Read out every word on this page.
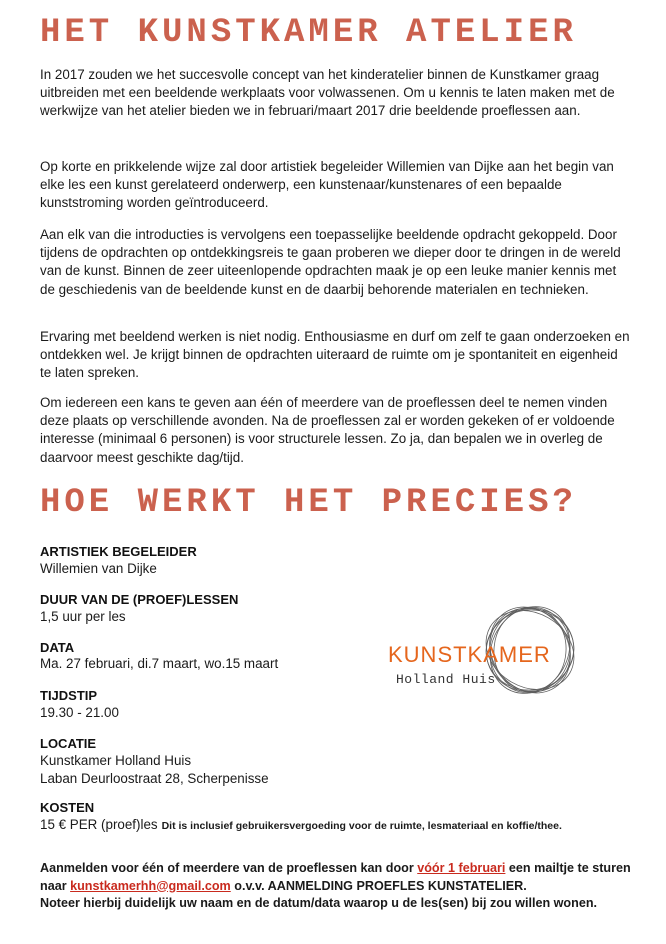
HET KUNSTKAMER ATELIER

In 2017 zouden we het succesvolle concept van het kinderatelier binnen de Kunstkamer graag uitbreiden met een beeldende werkplaats voor volwassenen. Om u kennis te laten maken met de werkwijze van het atelier bieden we in februari/maart 2017 drie beeldende proeflessen aan.

Op korte en prikkelende wijze zal door artistiek begeleider Willemien van Dijke aan het begin van elke les een kunst gerelateerd onderwerp, een kunstenaar/kunstenares of een bepaalde kunststroming worden geïntroduceerd.

Aan elk van die introducties is vervolgens een toepasselijke beeldende opdracht gekoppeld. Door tijdens de opdrachten op ontdekkingsreis te gaan proberen we dieper door te dringen in de wereld van de kunst. Binnen de zeer uiteenlopende opdrachten maak je op een leuke manier kennis met de geschiedenis van de beeldende kunst en de daarbij behorende materialen en technieken.

Ervaring met beeldend werken is niet nodig. Enthousiasme en durf om zelf te gaan onderzoeken en ontdekken wel. Je krijgt binnen de opdrachten uiteraard de ruimte om je spontaniteit en eigenheid te laten spreken.

Om iedereen een kans te geven aan één of meerdere van de proeflessen deel te nemen vinden deze plaats op verschillende avonden. Na de proeflessen zal er worden gekeken of er voldoende interesse (minimaal 6 personen) is voor structurele lessen. Zo ja, dan bepalen we in overleg de daarvoor meest geschikte dag/tijd.

HOE WERKT HET PRECIES?

ARTISTIEK BEGELEIDER

Willemien van Dijke

DUUR VAN DE (PROEF)LESSEN

1,5 uur per les

DATA

Ma. 27 februari, di.7 maart, wo.15 maart

TIJDSTIP

19.30 - 21.00

LOCATIE

Kunstkamer Holland Huis

Laban Deurloostraat 28, Scherpenisse

KOSTEN

15 € PER (proef)les Dit is inclusief gebruikersvergoeding voor de ruimte, lesmateriaal en koffie/thee.

KUNSTKAMER
Holland Huis

Aanmelden voor één of meerdere van de proeflessen kan door vóór 1 februari een mailtje te sturen naar kunstkamerhh@gmail.com o.v.v. AANMELDING PROEFLES KUNSTATELIER.
Noteer hierbij duidelijk uw naam en de datum/data waarop u de les(sen) bij zou willen wonen.
